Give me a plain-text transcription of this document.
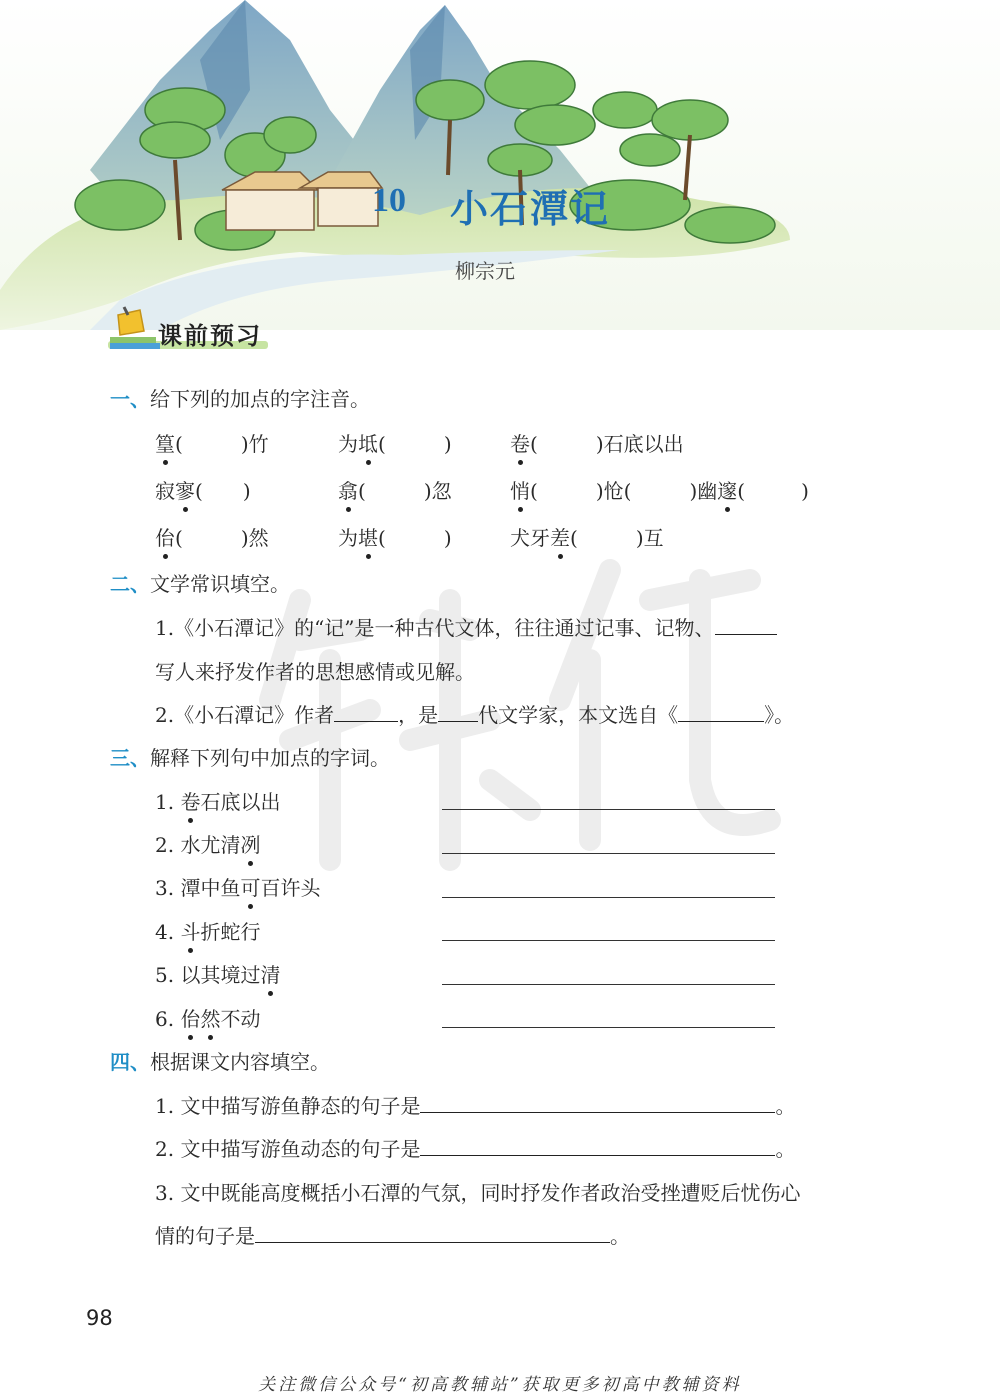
10 小石潭记
柳宗元
课前预习
一、给下列的加点的字注音。
篁(	)竹	为坻(	)	卷(	)石底以出
寂寥( )	翕(	)忽	悄(	)怆(	)幽邃(	)
佁(	)然	为堪(	)	犬牙差(	)互
二、文学常识填空。
1.《小石潭记》的“记”是一种古代文体，往往通过记事、记物、
写人来抒发作者的思想感情或见解。
2.《小石潭记》作者	，是 代文学家，本文选自《	》。
三、解释下列句中加点的字词。
1. 卷石底以出
2. 水尤清冽
3. 潭中鱼可百许头
4. 斗折蛇行
5. 以其境过清
6. 佁然不动
四、根据课文内容填空。
1. 文中描写游鱼静态的句子是	。
2. 文中描写游鱼动态的句子是	。
3. 文中既能高度概括小石潭的气氛，同时抒发作者政治受挫遭贬后忧伤心
情的句子是	。
98
关注微信公众号“初高教辅站”获取更多初高中教辅资料
